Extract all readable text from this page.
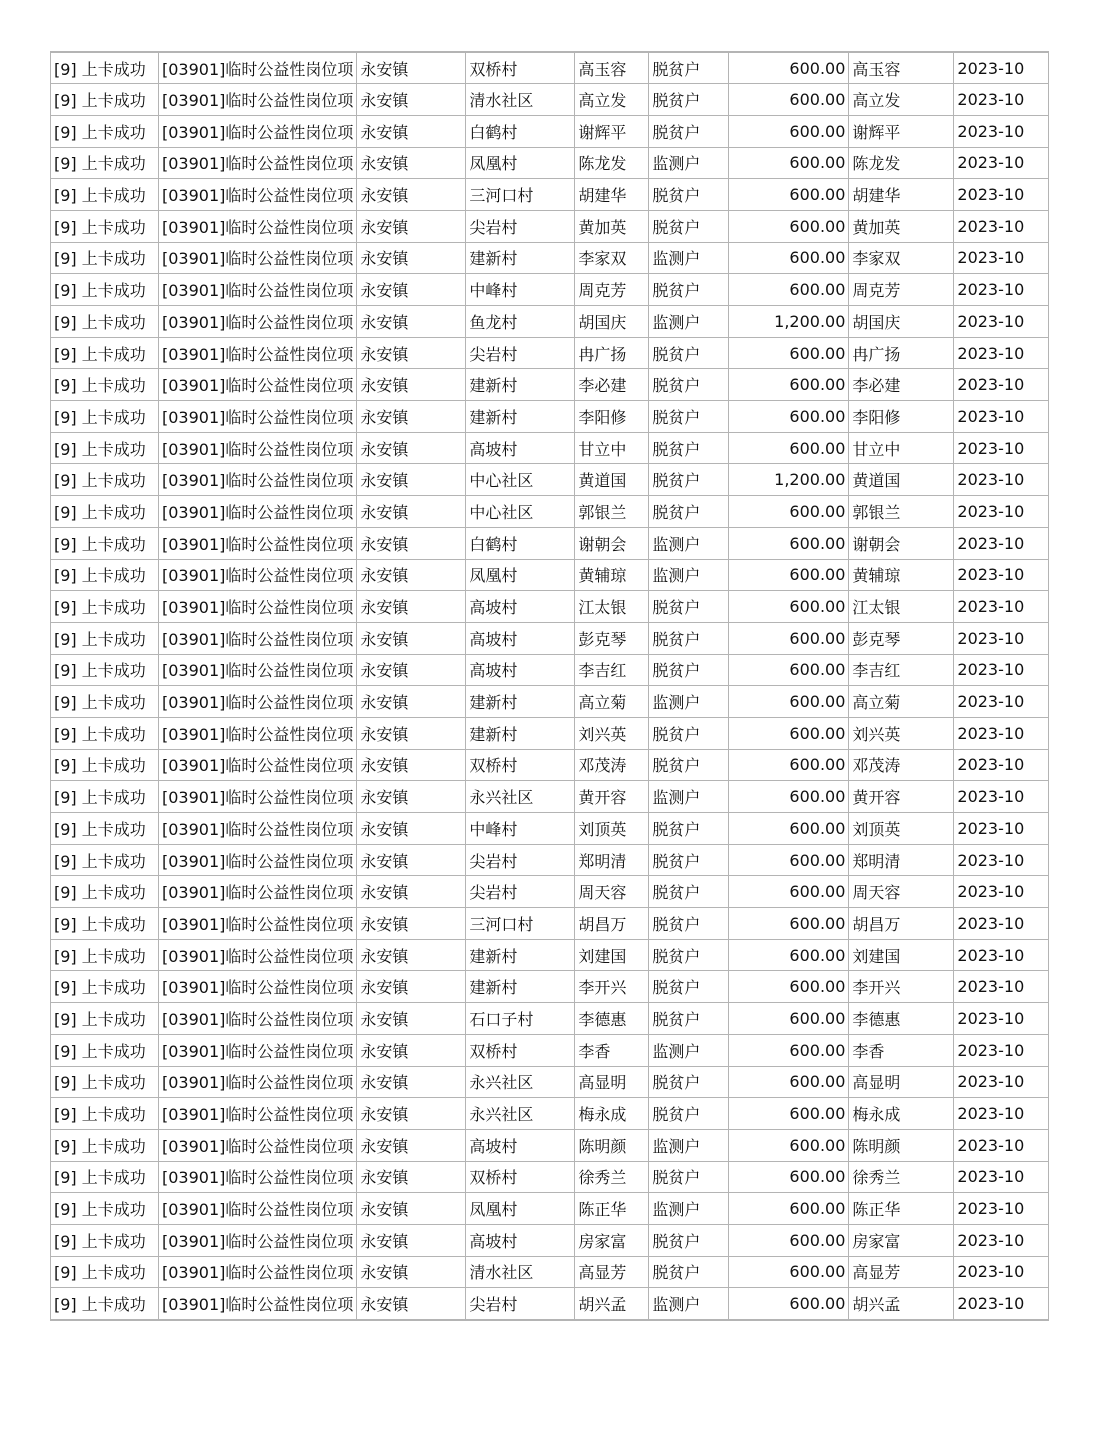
[9] 上卡成功	[03901]临时公益性岗位项	永安镇	双桥村	高玉容	脱贫户	600.00	高玉容	2023-10
[9] 上卡成功	[03901]临时公益性岗位项	永安镇	清水社区	高立发	脱贫户	600.00	高立发	2023-10
[9] 上卡成功	[03901]临时公益性岗位项	永安镇	白鹤村	谢辉平	脱贫户	600.00	谢辉平	2023-10
[9] 上卡成功	[03901]临时公益性岗位项	永安镇	凤凰村	陈龙发	监测户	600.00	陈龙发	2023-10
[9] 上卡成功	[03901]临时公益性岗位项	永安镇	三河口村	胡建华	脱贫户	600.00	胡建华	2023-10
[9] 上卡成功	[03901]临时公益性岗位项	永安镇	尖岩村	黄加英	脱贫户	600.00	黄加英	2023-10
[9] 上卡成功	[03901]临时公益性岗位项	永安镇	建新村	李家双	监测户	600.00	李家双	2023-10
[9] 上卡成功	[03901]临时公益性岗位项	永安镇	中峰村	周克芳	脱贫户	600.00	周克芳	2023-10
[9] 上卡成功	[03901]临时公益性岗位项	永安镇	鱼龙村	胡国庆	监测户	1,200.00	胡国庆	2023-10
[9] 上卡成功	[03901]临时公益性岗位项	永安镇	尖岩村	冉广扬	脱贫户	600.00	冉广扬	2023-10
[9] 上卡成功	[03901]临时公益性岗位项	永安镇	建新村	李必建	脱贫户	600.00	李必建	2023-10
[9] 上卡成功	[03901]临时公益性岗位项	永安镇	建新村	李阳修	脱贫户	600.00	李阳修	2023-10
[9] 上卡成功	[03901]临时公益性岗位项	永安镇	高坡村	甘立中	脱贫户	600.00	甘立中	2023-10
[9] 上卡成功	[03901]临时公益性岗位项	永安镇	中心社区	黄道国	脱贫户	1,200.00	黄道国	2023-10
[9] 上卡成功	[03901]临时公益性岗位项	永安镇	中心社区	郭银兰	脱贫户	600.00	郭银兰	2023-10
[9] 上卡成功	[03901]临时公益性岗位项	永安镇	白鹤村	谢朝会	监测户	600.00	谢朝会	2023-10
[9] 上卡成功	[03901]临时公益性岗位项	永安镇	凤凰村	黄辅琼	监测户	600.00	黄辅琼	2023-10
[9] 上卡成功	[03901]临时公益性岗位项	永安镇	高坡村	江太银	脱贫户	600.00	江太银	2023-10
[9] 上卡成功	[03901]临时公益性岗位项	永安镇	高坡村	彭克琴	脱贫户	600.00	彭克琴	2023-10
[9] 上卡成功	[03901]临时公益性岗位项	永安镇	高坡村	李吉红	脱贫户	600.00	李吉红	2023-10
[9] 上卡成功	[03901]临时公益性岗位项	永安镇	建新村	高立菊	监测户	600.00	高立菊	2023-10
[9] 上卡成功	[03901]临时公益性岗位项	永安镇	建新村	刘兴英	脱贫户	600.00	刘兴英	2023-10
[9] 上卡成功	[03901]临时公益性岗位项	永安镇	双桥村	邓茂涛	脱贫户	600.00	邓茂涛	2023-10
[9] 上卡成功	[03901]临时公益性岗位项	永安镇	永兴社区	黄开容	监测户	600.00	黄开容	2023-10
[9] 上卡成功	[03901]临时公益性岗位项	永安镇	中峰村	刘顶英	脱贫户	600.00	刘顶英	2023-10
[9] 上卡成功	[03901]临时公益性岗位项	永安镇	尖岩村	郑明清	脱贫户	600.00	郑明清	2023-10
[9] 上卡成功	[03901]临时公益性岗位项	永安镇	尖岩村	周天容	脱贫户	600.00	周天容	2023-10
[9] 上卡成功	[03901]临时公益性岗位项	永安镇	三河口村	胡昌万	脱贫户	600.00	胡昌万	2023-10
[9] 上卡成功	[03901]临时公益性岗位项	永安镇	建新村	刘建国	脱贫户	600.00	刘建国	2023-10
[9] 上卡成功	[03901]临时公益性岗位项	永安镇	建新村	李开兴	脱贫户	600.00	李开兴	2023-10
[9] 上卡成功	[03901]临时公益性岗位项	永安镇	石口子村	李德惠	脱贫户	600.00	李德惠	2023-10
[9] 上卡成功	[03901]临时公益性岗位项	永安镇	双桥村	李香	监测户	600.00	李香	2023-10
[9] 上卡成功	[03901]临时公益性岗位项	永安镇	永兴社区	高显明	脱贫户	600.00	高显明	2023-10
[9] 上卡成功	[03901]临时公益性岗位项	永安镇	永兴社区	梅永成	脱贫户	600.00	梅永成	2023-10
[9] 上卡成功	[03901]临时公益性岗位项	永安镇	高坡村	陈明颜	监测户	600.00	陈明颜	2023-10
[9] 上卡成功	[03901]临时公益性岗位项	永安镇	双桥村	徐秀兰	脱贫户	600.00	徐秀兰	2023-10
[9] 上卡成功	[03901]临时公益性岗位项	永安镇	凤凰村	陈正华	监测户	600.00	陈正华	2023-10
[9] 上卡成功	[03901]临时公益性岗位项	永安镇	高坡村	房家富	脱贫户	600.00	房家富	2023-10
[9] 上卡成功	[03901]临时公益性岗位项	永安镇	清水社区	高显芳	脱贫户	600.00	高显芳	2023-10
[9] 上卡成功	[03901]临时公益性岗位项	永安镇	尖岩村	胡兴孟	监测户	600.00	胡兴孟	2023-10
